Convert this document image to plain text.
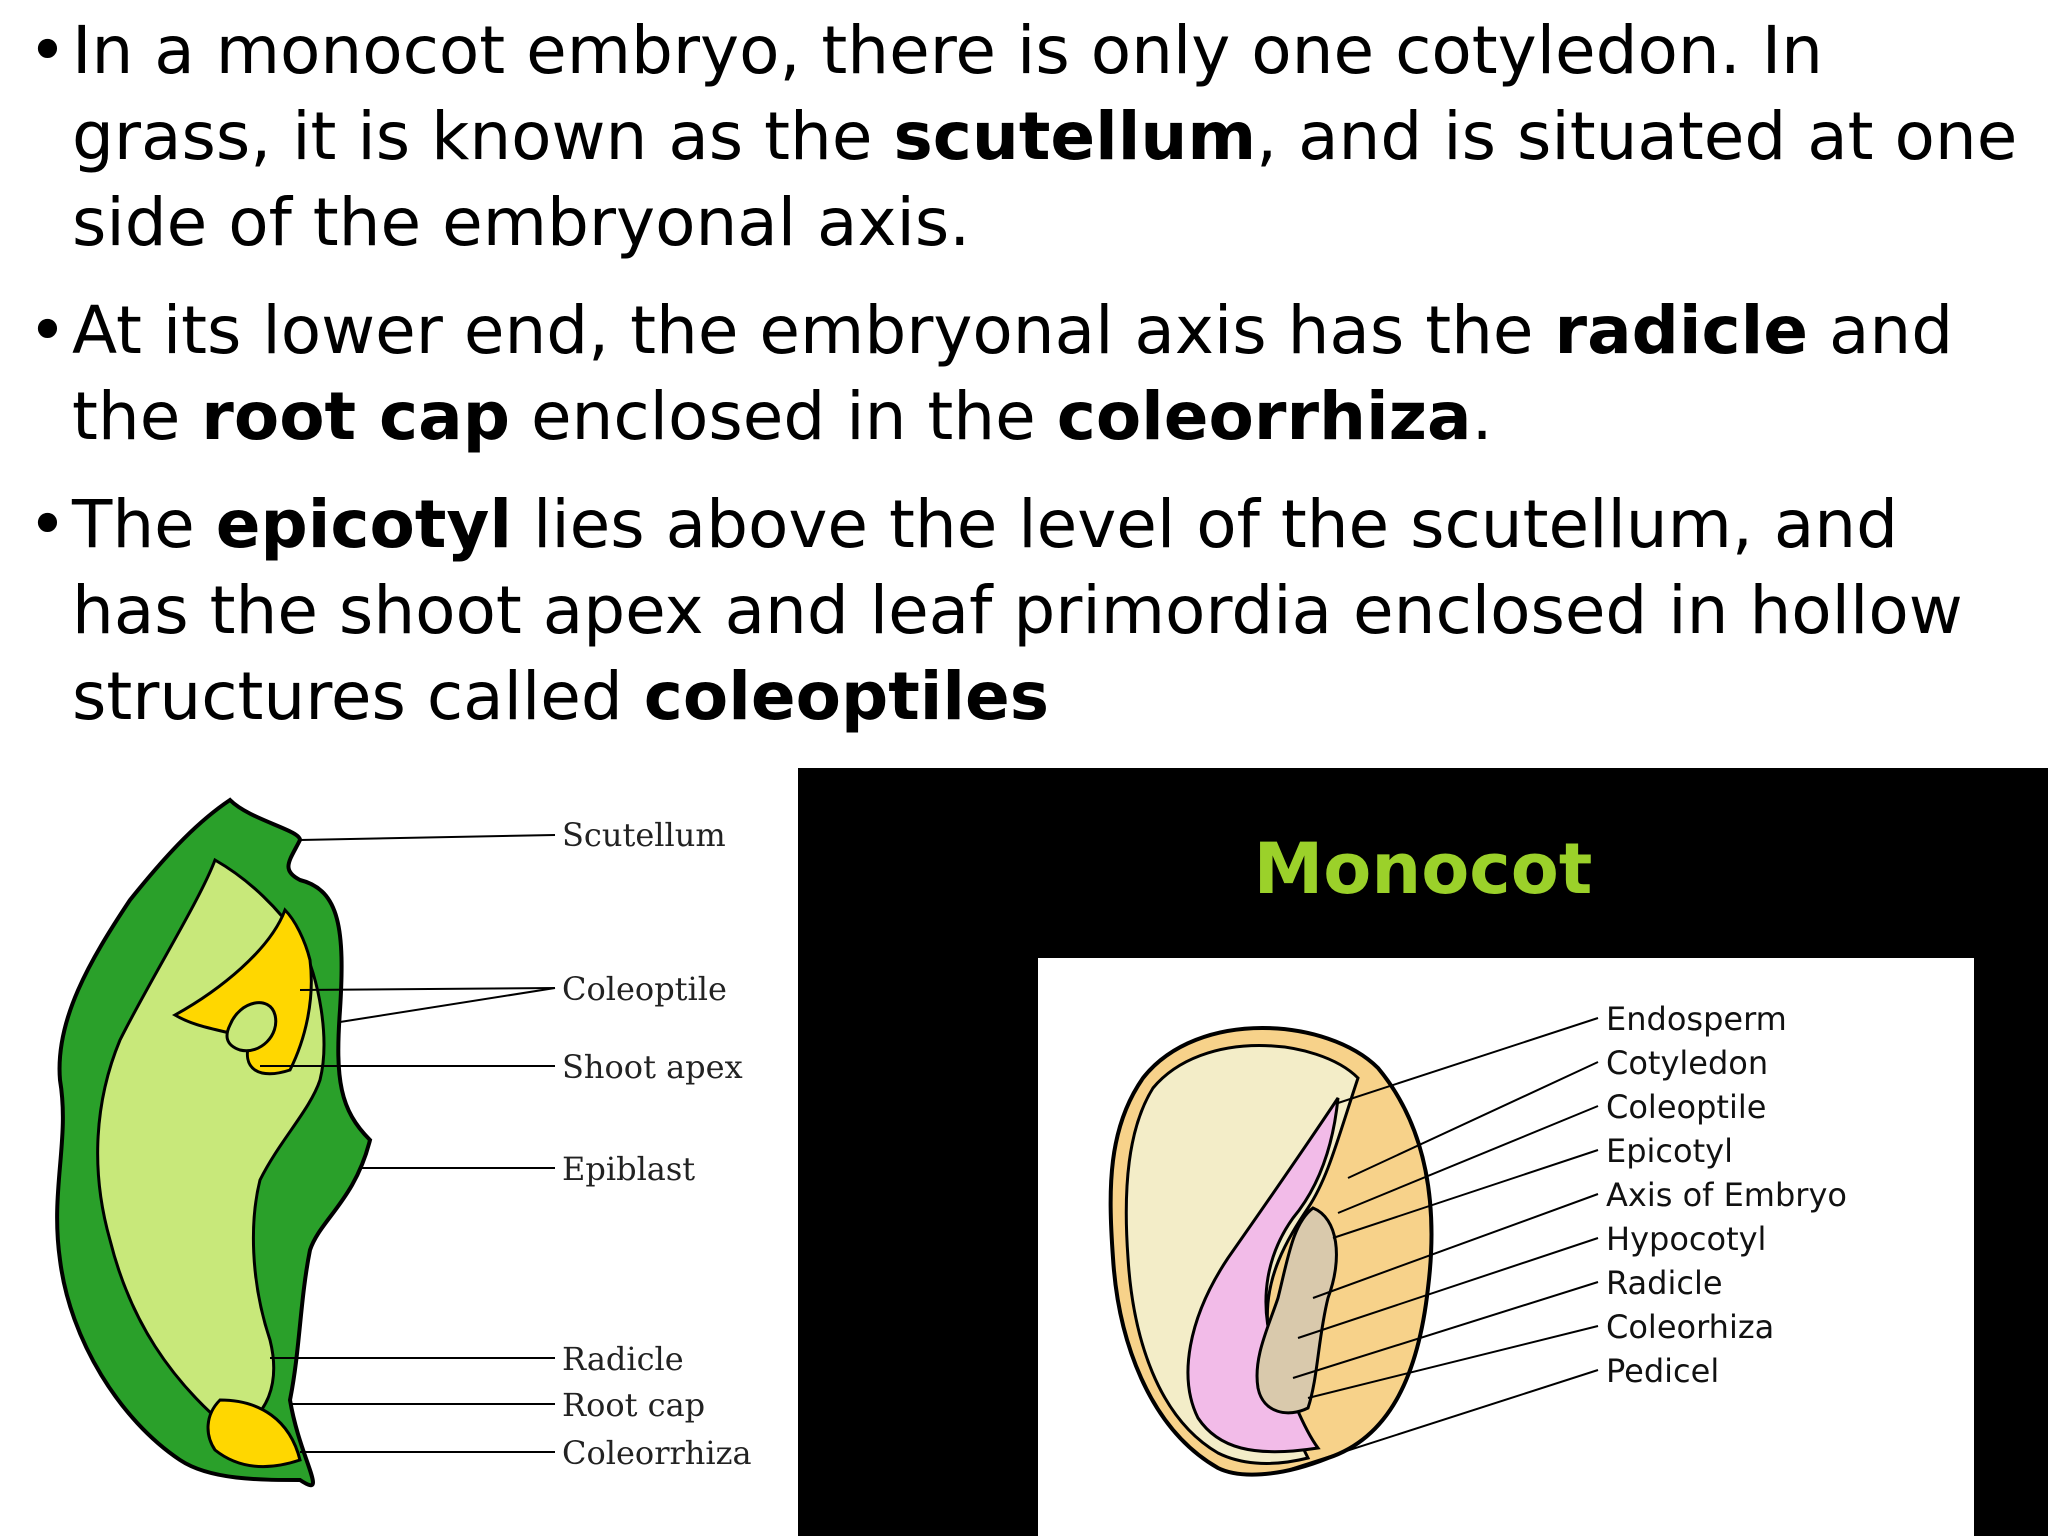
• In a monocot embryo, there is only one cotyledon. In grass, it is known as the scutellum, and is situated at one side of the embryonal axis.
• At its lower end, the embryonal axis has the radicle and the root cap enclosed in the coleorrhiza.
• The epicotyl lies above the level of the scutellum, and has the shoot apex and leaf primordia enclosed in hollow structures called coleoptiles
Scutellum
Coleoptile
Shoot apex
Epiblast
Radicle
Root cap
Coleorrhiza
Monocot
Endosperm
Cotyledon
Coleoptile
Epicotyl
Axis of Embryo
Hypocotyl
Radicle
Coleorhiza
Pedicel
